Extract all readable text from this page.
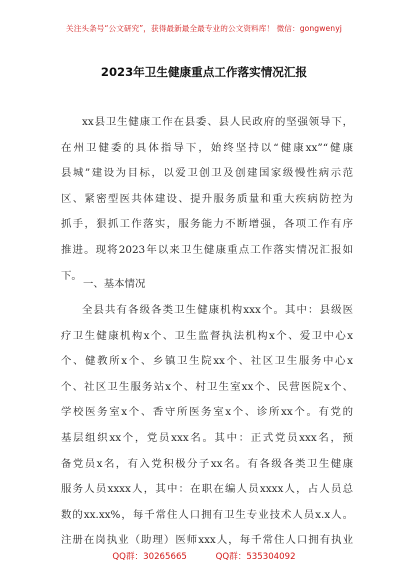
关注头条号“公文研究”，获得最新最全最专业的公文资料库！ 微信：gongwenyj
2023年卫生健康重点工作落实情况汇报
xx县卫生健康工作在县委、县人民政府的坚强领导下，
在州卫健委的具体指导下，始终坚持以“健康xx”“健康
县城”建设为目标，以爱卫创卫及创建国家级慢性病示范
区、紧密型医共体建设、提升服务质量和重大疾病防控为
抓手，狠抓工作落实，服务能力不断增强，各项工作有序
推进。现将2023年以来卫生健康重点工作落实情况汇报如
下。
一、基本情况
全县共有各级各类卫生健康机构xxx个。其中：县级医
疗卫生健康机构x个、卫生监督执法机构x个、爱卫中心x
个、健教所x个、乡镇卫生院xx个、社区卫生服务中心x
个、社区卫生服务站x个、村卫生室xx个、民营医院x个、
学校医务室x个、香守所医务室x个、诊所xx个。有党的
基层组织xx个，党员xxx名。其中：正式党员xxx名，预
备党员x名，有入党积极分子xx名。有各级各类卫生健康
服务人员xxxx人，其中：在职在编人员xxxx人，占人员总
数的xx.xx%，每千常住人口拥有卫生专业技术人员x.x人。
注册在岗执业（助理）医师xxx人，每千常住人口拥有执业
QQ群：30265665	QQ群：535304092
